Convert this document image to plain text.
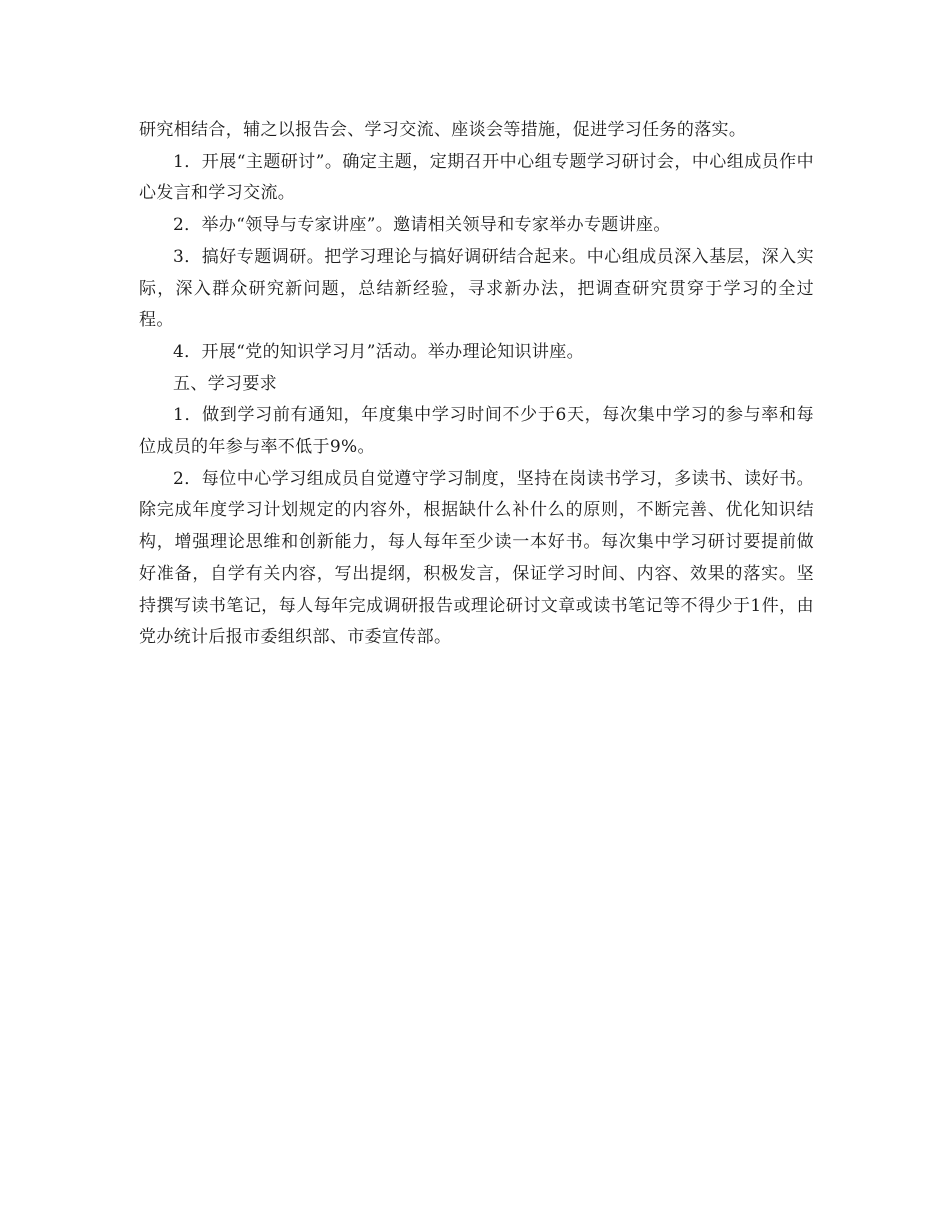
研究相结合，辅之以报告会、学习交流、座谈会等措施，促进学习任务的落实。

1．开展“主题研讨”。确定主题，定期召开中心组专题学习研讨会，中心组成员作中心发言和学习交流。

2．举办“领导与专家讲座”。邀请相关领导和专家举办专题讲座。

3．搞好专题调研。把学习理论与搞好调研结合起来。中心组成员深入基层，深入实际，深入群众研究新问题，总结新经验，寻求新办法，把调查研究贯穿于学习的全过程。

4．开展“党的知识学习月”活动。举办理论知识讲座。

五、学习要求

1．做到学习前有通知，年度集中学习时间不少于6天，每次集中学习的参与率和每位成员的年参与率不低于9%。

2．每位中心学习组成员自觉遵守学习制度，坚持在岗读书学习，多读书、读好书。除完成年度学习计划规定的内容外，根据缺什么补什么的原则，不断完善、优化知识结构，增强理论思维和创新能力，每人每年至少读一本好书。每次集中学习研讨要提前做好准备，自学有关内容，写出提纲，积极发言，保证学习时间、内容、效果的落实。坚持撰写读书笔记，每人每年完成调研报告或理论研讨文章或读书笔记等不得少于1件，由党办统计后报市委组织部、市委宣传部。
